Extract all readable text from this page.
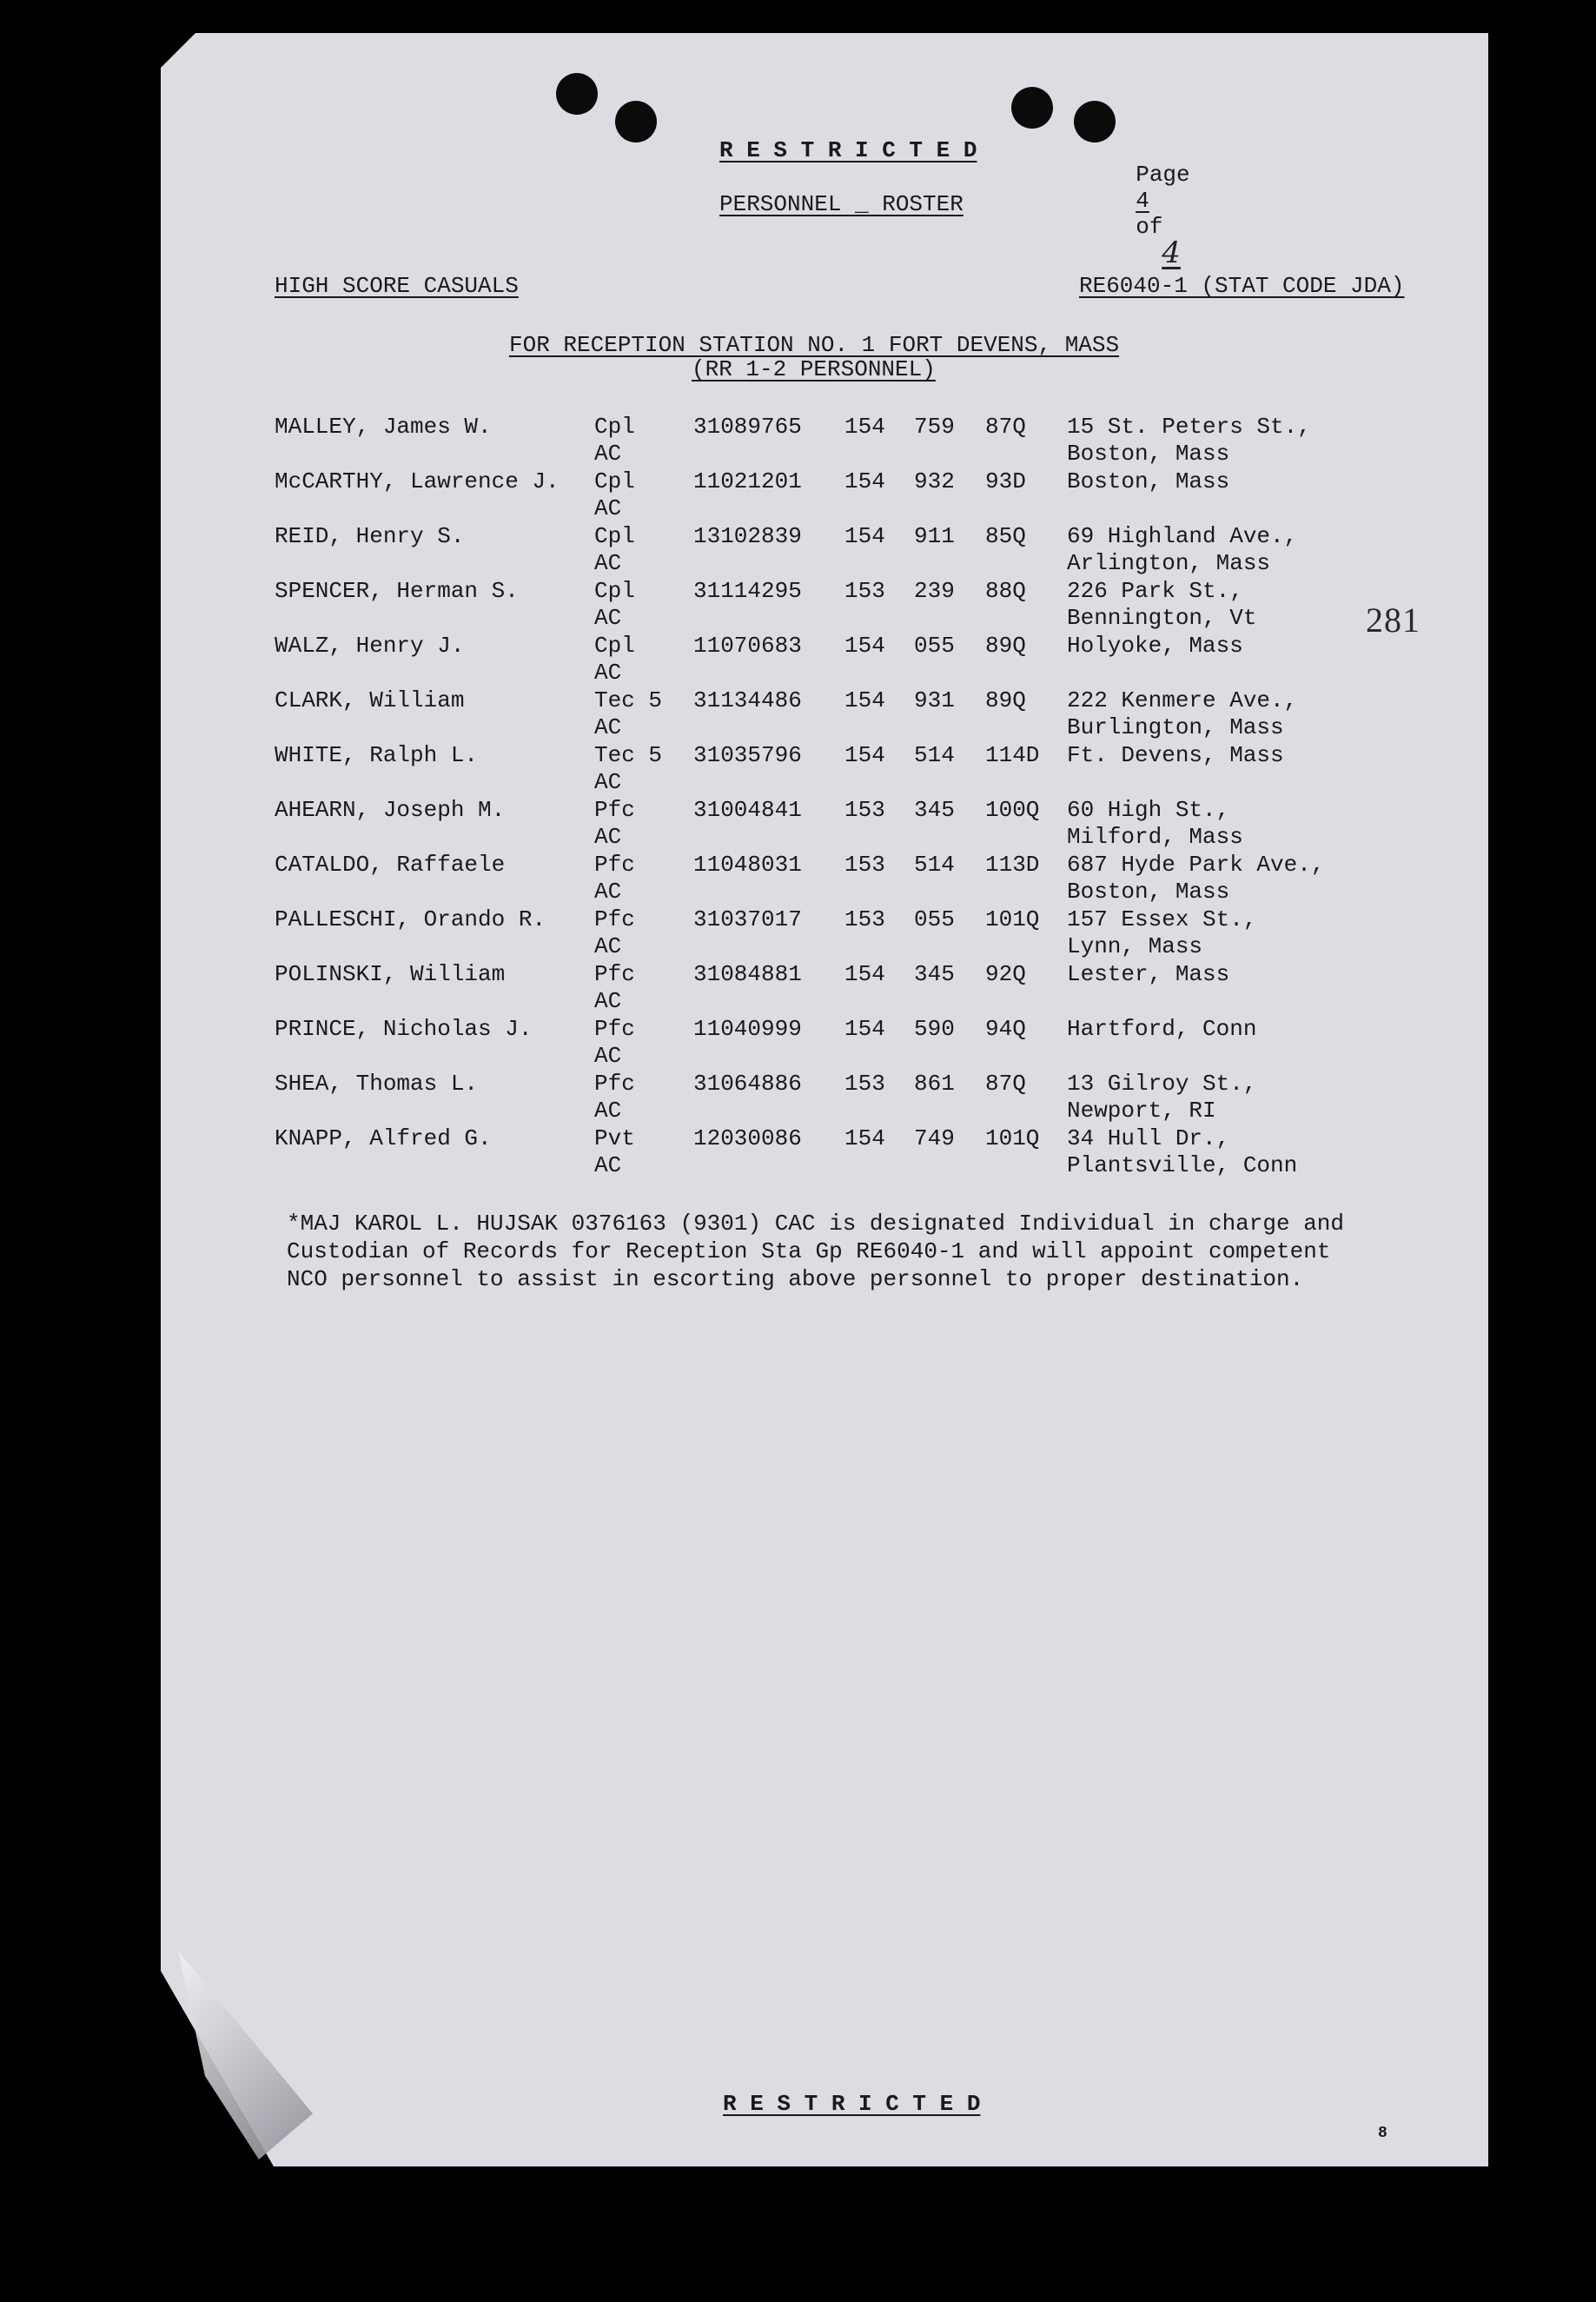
R E S T R I C T E D

Page
4
of
4

PERSONNEL _ ROSTER
HIGH SCORE CASUALS	RE6040-1 (STAT CODE JDA)
FOR RECEPTION STATION NO. 1 FORT DEVENS, MASS
(RR 1-2 PERSONNEL)
281
MALLEY, James W.	Cpl	31089765 154 759 87Q 15 St. Peters St.,
AC	Boston, Mass
McCARTHY, Lawrence J. Cpl	11021201 154 932 93D Boston, Mass
AC
REID, Henry S.	Cpl	13102839 154 911 85Q 69 Highland Ave.,
AC	Arlington, Mass
SPENCER, Herman S.	Cpl	31114295 153 239 88Q 226 Park St.,
AC	Bennington, Vt
WALZ, Henry J.	Cpl	11070683 154 055 89Q Holyoke, Mass
AC
CLARK, William	Tec 5 31134486 154 931 89Q 222 Kenmere Ave.,
AC	Burlington, Mass
WHITE, Ralph L.	Tec 5 31035796 154 514 114D Ft. Devens, Mass
AC
AHEARN, Joseph M.	Pfc	31004841 153 345 100Q 60 High St.,
AC	Milford, Mass
CATALDO, Raffaele	Pfc	11048031 153 514 113D 687 Hyde Park Ave.,
AC	Boston, Mass
PALLESCHI, Orando R. Pfc	31037017 153 055 101Q 157 Essex St.,
AC	Lynn, Mass
POLINSKI, William	Pfc	31084881 154 345 92Q Lester, Mass
AC
PRINCE, Nicholas J.	Pfc	11040999 154 590 94Q Hartford, Conn
AC
SHEA, Thomas L.	Pfc	31064886 153 861 87Q 13 Gilroy St.,
AC	Newport, RI
KNAPP, Alfred G.	Pvt	12030086 154 749 101Q 34 Hull Dr.,
AC	Plantsville, Conn
*MAJ KAROL L. HUJSAK 0376163 (9301) CAC is designated Individual in charge and
Custodian of Records for Reception Sta Gp RE6040-1 and will appoint competent
NCO personnel to assist in escorting above personnel to proper destination.
R E S T R I C T E D
8
